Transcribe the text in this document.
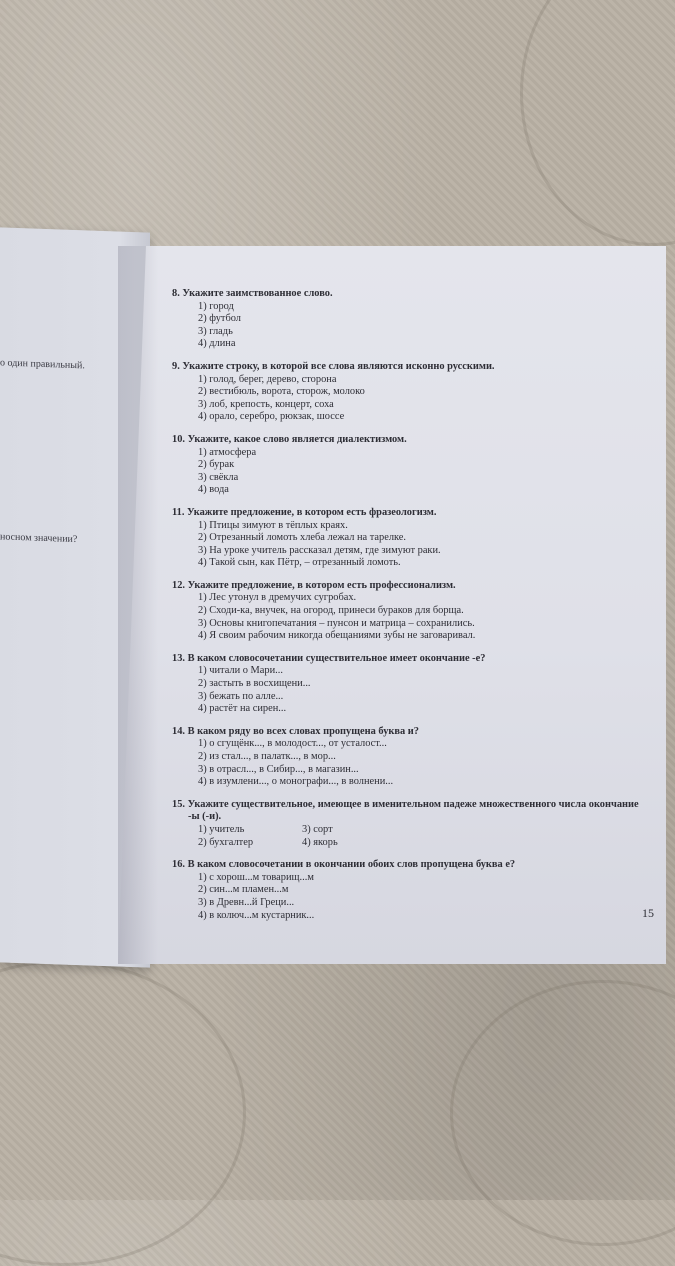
о один правильный.
носном значении?
8. Укажите заимствованное слово.
1) город
2) футбол
3) гладь
4) длина
9. Укажите строку, в которой все слова являются исконно русскими.
1) голод, берег, дерево, сторона
2) вестибюль, ворота, сторож, молоко
3) лоб, крепость, концерт, соха
4) орало, серебро, рюкзак, шоссе
10. Укажите, какое слово является диалектизмом.
1) атмосфера
2) бурак
3) свёкла
4) вода
11. Укажите предложение, в котором есть фразеологизм.
1) Птицы зимуют в тёплых краях.
2) Отрезанный ломоть хлеба лежал на тарелке.
3) На уроке учитель рассказал детям, где зимуют раки.
4) Такой сын, как Пётр, – отрезанный ломоть.
12. Укажите предложение, в котором есть профессионализм.
1) Лес утонул в дремучих сугробах.
2) Сходи-ка, внучек, на огород, принеси бураков для борща.
3) Основы книгопечатания – пунсон и матрица – сохранились.
4) Я своим рабочим никогда обещаниями зубы не заговаривал.
13. В каком словосочетании существительное имеет окончание -е?
1) читали о Мари...
2) застыть в восхищени...
3) бежать по алле...
4) растёт на сирен...
14. В каком ряду во всех словах пропущена буква и?
1) о сгущёнк..., в молодост..., от усталост...
2) из стал..., в палатк..., в мор...
3) в отрасл..., в Сибир..., в магазин...
4) в изумлени..., о монографи..., в волнени...
15. Укажите существительное, имеющее в именительном падеже множественного числа окончание -ы (-и).
1) учитель	3) сорт
2) бухгалтер	4) якорь
16. В каком словосочетании в окончании обоих слов пропущена буква е?
1) с хорош...м товарищ...м
2) син...м пламен...м
3) в Древн...й Греци...
4) в колюч...м кустарник...	15
